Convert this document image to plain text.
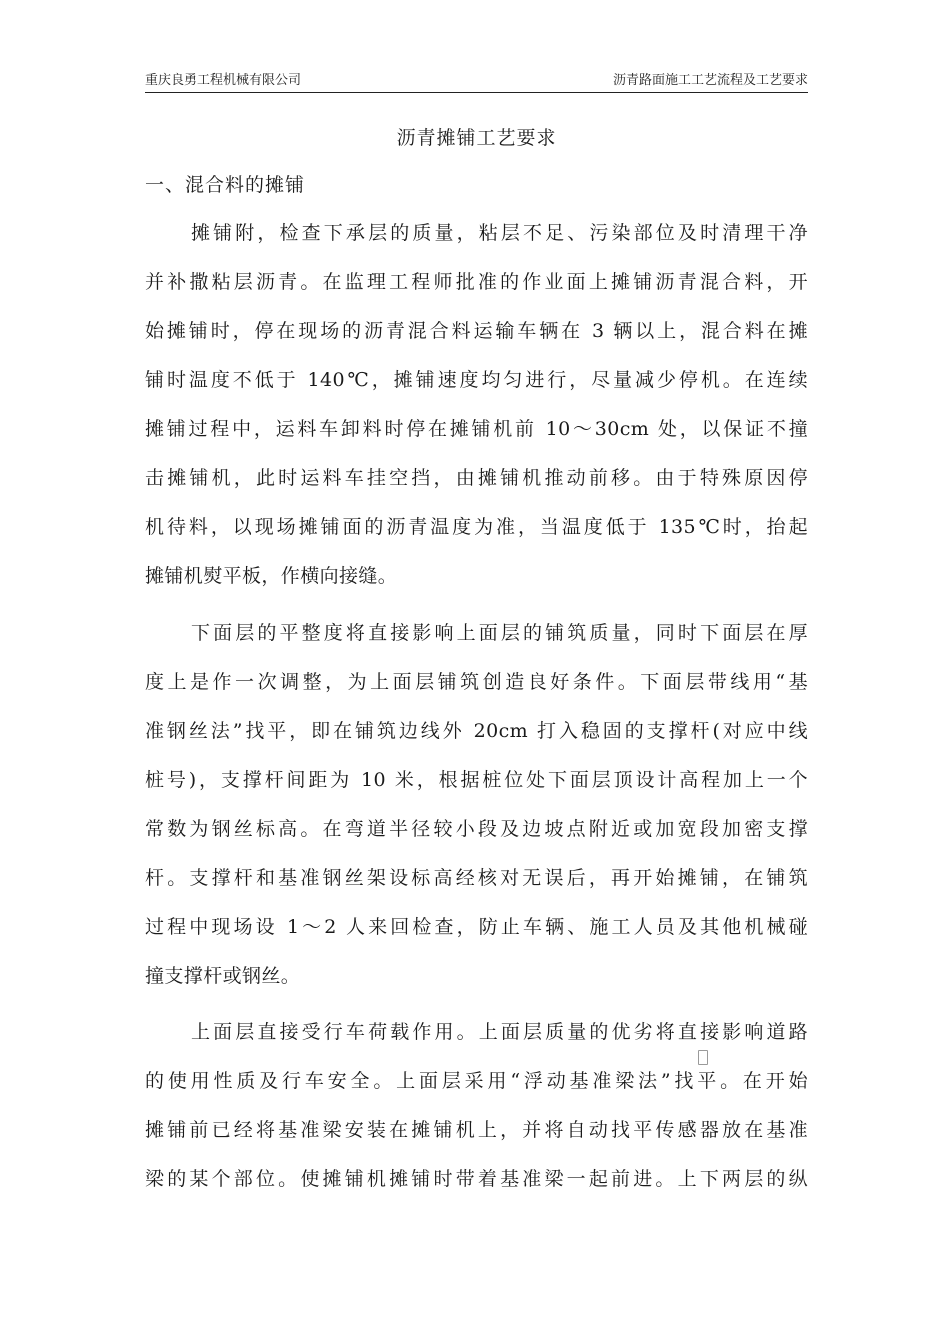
重庆良勇工程机械有限公司	沥青路面施工工艺流程及工艺要求
沥青摊铺工艺要求
一、混合料的摊铺
摊铺附，检查下承层的质量，粘层不足、污染部位及时清理干净
并补撒粘层沥青。在监理工程师批准的作业面上摊铺沥青混合料，开
始摊铺时，停在现场的沥青混合料运输车辆在 3 辆以上，混合料在摊
铺时温度不低于 140℃，摊铺速度均匀进行，尽量减少停机。在连续
摊铺过程中，运料车卸料时停在摊铺机前 10～30cm 处，以保证不撞
击摊铺机，此时运料车挂空挡，由摊铺机推动前移。由于特殊原因停
机待料，以现场摊铺面的沥青温度为准，当温度低于 135℃时，抬起
摊铺机熨平板，作横向接缝。
下面层的平整度将直接影响上面层的铺筑质量，同时下面层在厚
度上是作一次调整，为上面层铺筑创造良好条件。下面层带线用“基
准钢丝法”找平，即在铺筑边线外 20cm 打入稳固的支撑杆(对应中线
桩号)，支撑杆间距为 10 米，根据桩位处下面层顶设计高程加上一个
常数为钢丝标高。在弯道半径较小段及边坡点附近或加宽段加密支撑
杆。支撑杆和基准钢丝架设标高经核对无误后，再开始摊铺，在铺筑
过程中现场设 1～2 人来回检查，防止车辆、施工人员及其他机械碰
撞支撑杆或钢丝。
上面层直接受行车荷载作用。上面层质量的优劣将直接影响道路
的使用性质及行车安全。上面层采用“浮动基准梁法”找平。在开始
摊铺前已经将基准梁安装在摊铺机上，并将自动找平传感器放在基准
梁的某个部位。使摊铺机摊铺时带着基准梁一起前进。上下两层的纵
